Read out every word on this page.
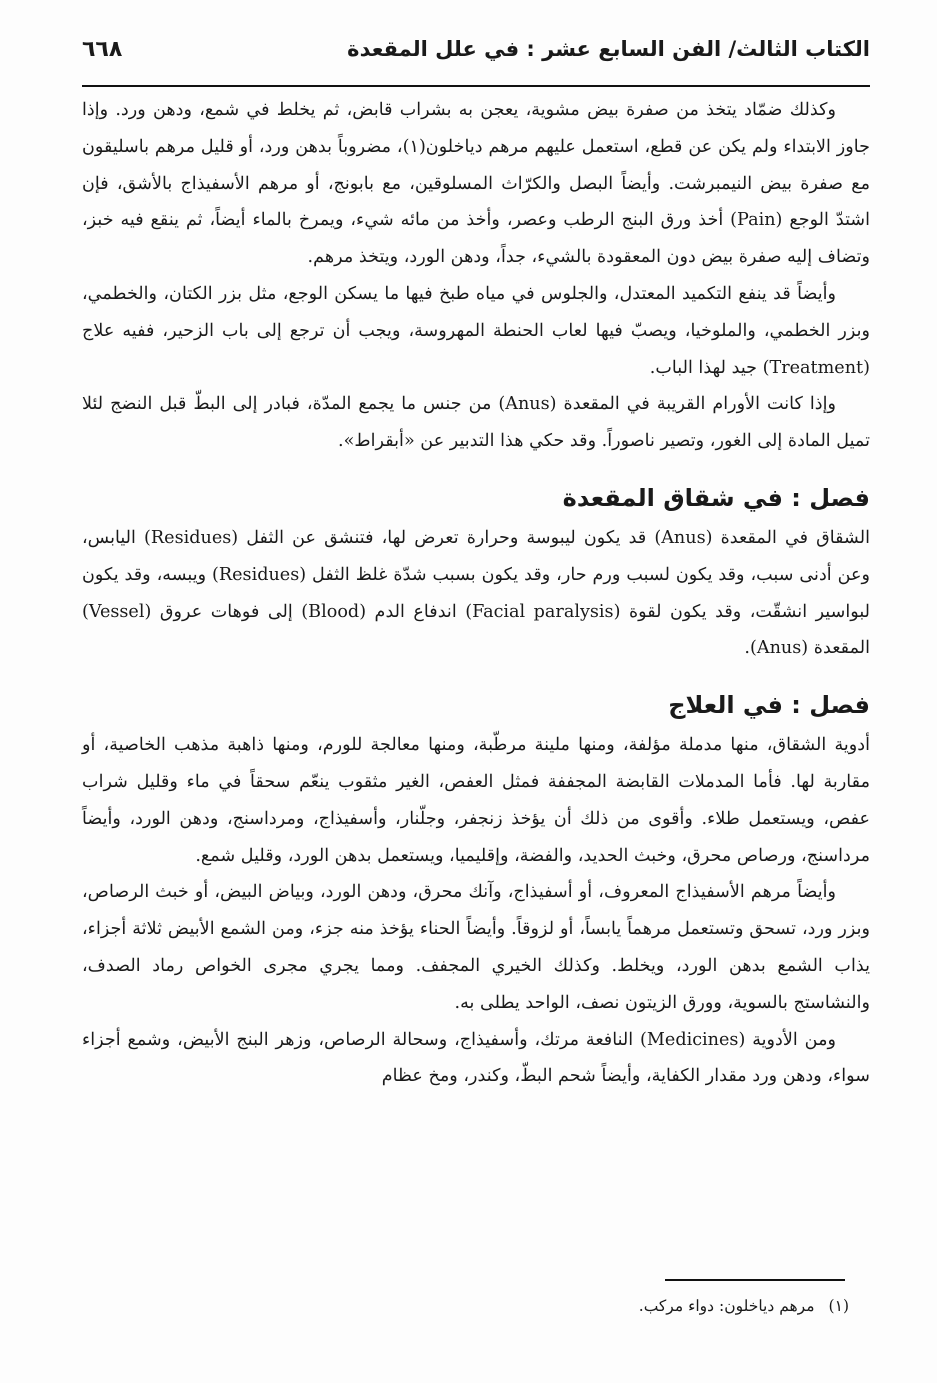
الكتاب الثالث/ الفن السابع عشر : في علل المقعدة
٦٦٨

وكذلك ضمّاد يتخذ من صفرة بيض مشوية، يعجن به بشراب قابض، ثم يخلط في شمع، ودهن ورد. وإذا جاوز الابتداء ولم يكن عن قطع، استعمل عليهم مرهم دياخلون(١)، مضروباً بدهن ورد، أو قليل مرهم باسليقون مع صفرة بيض النيمبرشت. وأيضاً البصل والكرّاث المسلوقين، مع بابونج، أو مرهم الأسفيذاج بالأشق، فإن اشتدّ الوجع (Pain) أخذ ورق البنج الرطب وعصر، وأخذ من مائه شيء، ويمرخ بالماء أيضاً، ثم ينقع فيه خبز، وتضاف إليه صفرة بيض دون المعقودة بالشيء، جداً، ودهن الورد، ويتخذ مرهم.

وأيضاً قد ينفع التكميد المعتدل، والجلوس في مياه طبخ فيها ما يسكن الوجع، مثل بزر الكتان، والخطمي، وبزر الخطمي، والملوخيا، ويصبّ فيها لعاب الحنطة المهروسة، ويجب أن ترجع إلى باب الزحير، ففيه علاج (Treatment) جيد لهذا الباب.

وإذا كانت الأورام القريبة في المقعدة (Anus) من جنس ما يجمع المدّة، فبادر إلى البطّ قبل النضج لئلا تميل المادة إلى الغور، وتصير ناصوراً. وقد حكي هذا التدبير عن «أبقراط».

فصل : في شقاق المقعدة

الشقاق في المقعدة (Anus) قد يكون ليبوسة وحرارة تعرض لها، فتنشق عن الثفل (Residues) اليابس، وعن أدنى سبب، وقد يكون لسبب ورم حار، وقد يكون بسبب شدّة غلظ الثفل (Residues) ويبسه، وقد يكون لبواسير انشقّت، وقد يكون لقوة (Facial paralysis) اندفاع الدم (Blood) إلى فوهات عروق (Vessel) المقعدة (Anus).

فصل : في العلاج

أدوية الشقاق، منها مدملة مؤلفة، ومنها ملينة مرطّبة، ومنها معالجة للورم، ومنها ذاهبة مذهب الخاصية، أو مقاربة لها. فأما المدملات القابضة المجففة فمثل العفص، الغير مثقوب ينعّم سحقاً في ماء وقليل شراب عفص، ويستعمل طلاء. وأقوى من ذلك أن يؤخذ زنجفر، وجلّنار، وأسفيذاج، ومرداسنج، ودهن الورد، وأيضاً مرداسنج، ورصاص محرق، وخبث الحديد، والفضة، وإقليميا، ويستعمل بدهن الورد، وقليل شمع.

وأيضاً مرهم الأسفيذاج المعروف، أو أسفيذاج، وآنك محرق، ودهن الورد، وبياض البيض، أو خبث الرصاص، وبزر ورد، تسحق وتستعمل مرهماً يابساً، أو لزوقاً. وأيضاً الحناء يؤخذ منه جزء، ومن الشمع الأبيض ثلاثة أجزاء، يذاب الشمع بدهن الورد، ويخلط. وكذلك الخيري المجفف. ومما يجري مجرى الخواص رماد الصدف، والنشاستج بالسوية، وورق الزيتون نصف، الواحد يطلى به.

ومن الأدوية (Medicines) النافعة مرتك، وأسفيذاج، وسحالة الرصاص، وزهر البنج الأبيض، وشمع أجزاء سواء، ودهن ورد مقدار الكفاية، وأيضاً شحم البطّ، وكندر، ومخ عظام

(١)
مرهم دياخلون: دواء مركب.
